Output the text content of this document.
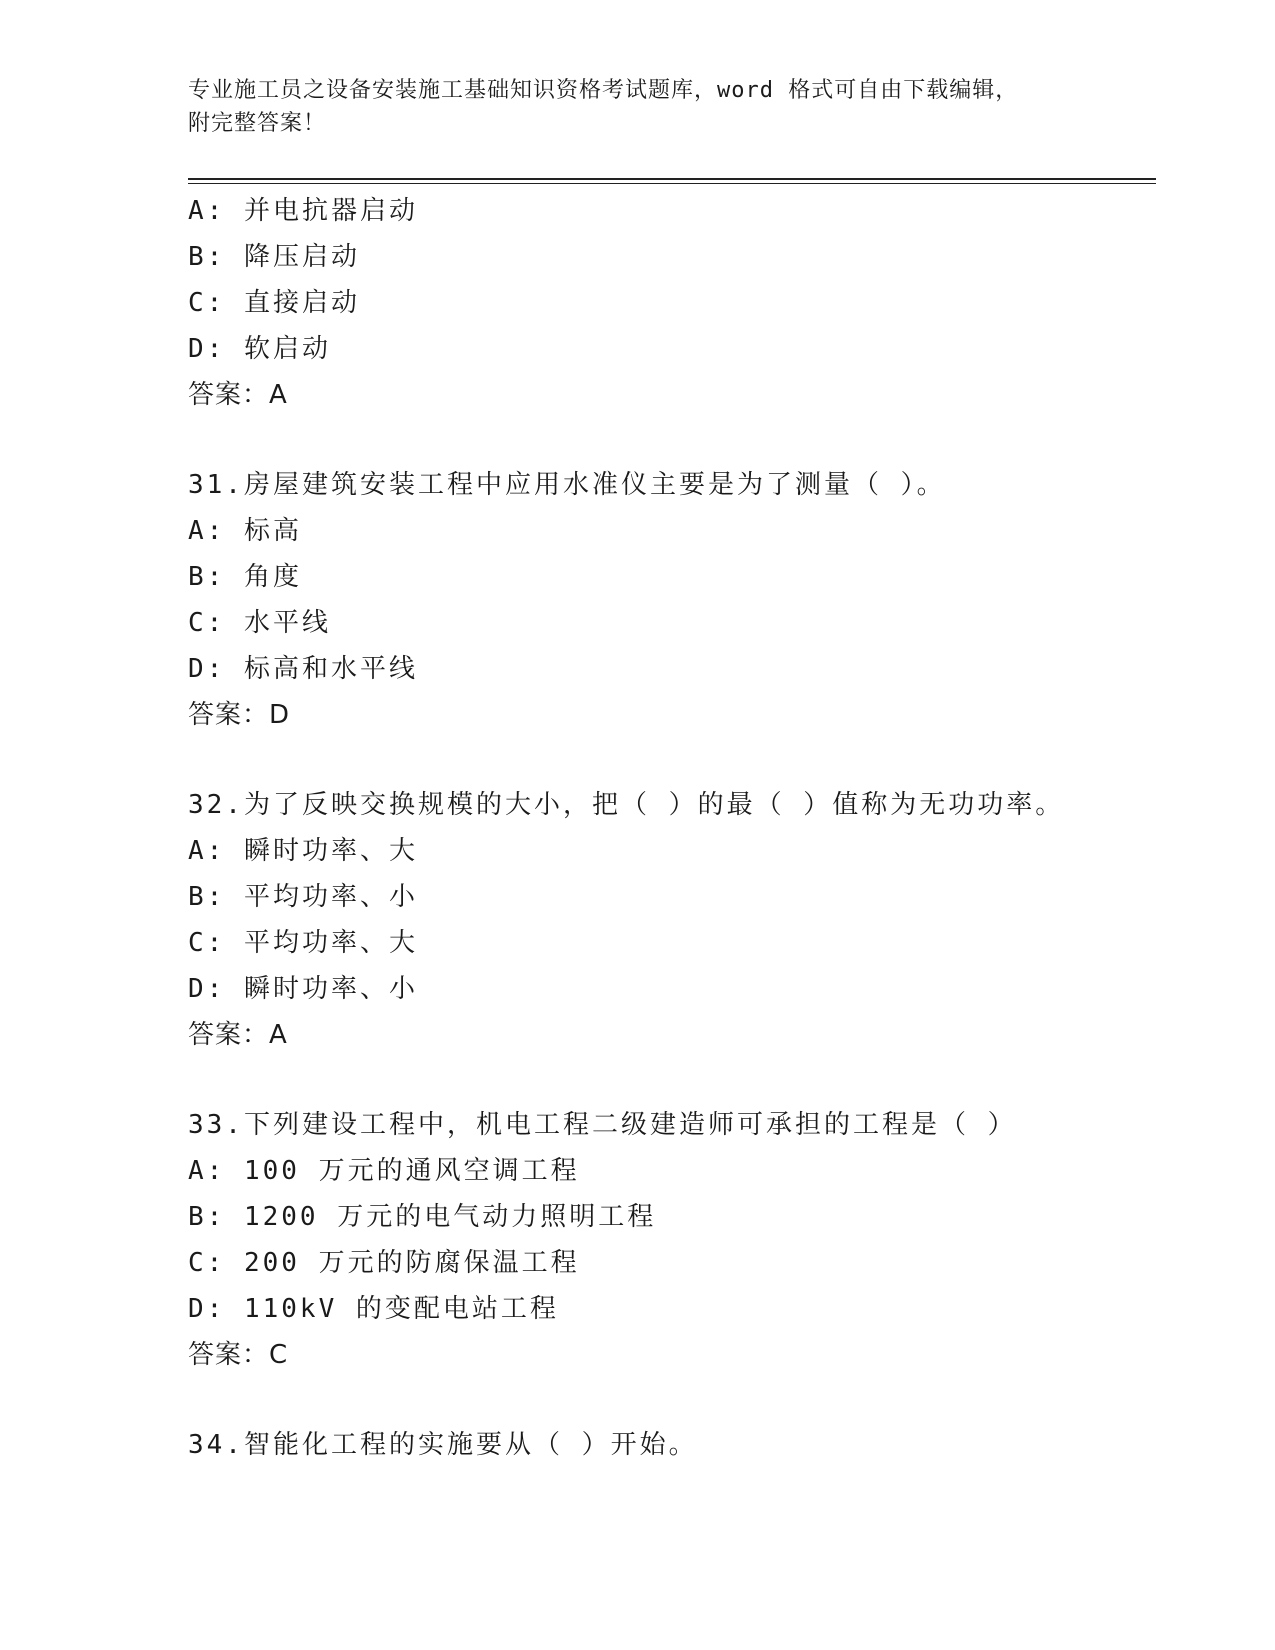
专业施工员之设备安装施工基础知识资格考试题库，word 格式可自由下载编辑，
附完整答案！
A: 并电抗器启动
B: 降压启动
C: 直接启动
D: 软启动
答案：A
31.房屋建筑安装工程中应用水准仪主要是为了测量（ ）。
A: 标高
B: 角度
C: 水平线
D: 标高和水平线
答案：D
32.为了反映交换规模的大小，把（ ）的最（ ）值称为无功功率。
A: 瞬时功率、大
B: 平均功率、小
C: 平均功率、大
D: 瞬时功率、小
答案：A
33.下列建设工程中，机电工程二级建造师可承担的工程是（ ）
A: 100 万元的通风空调工程
B: 1200 万元的电气动力照明工程
C: 200 万元的防腐保温工程
D: 110kV 的变配电站工程
答案：C
34.智能化工程的实施要从（ ）开始。
